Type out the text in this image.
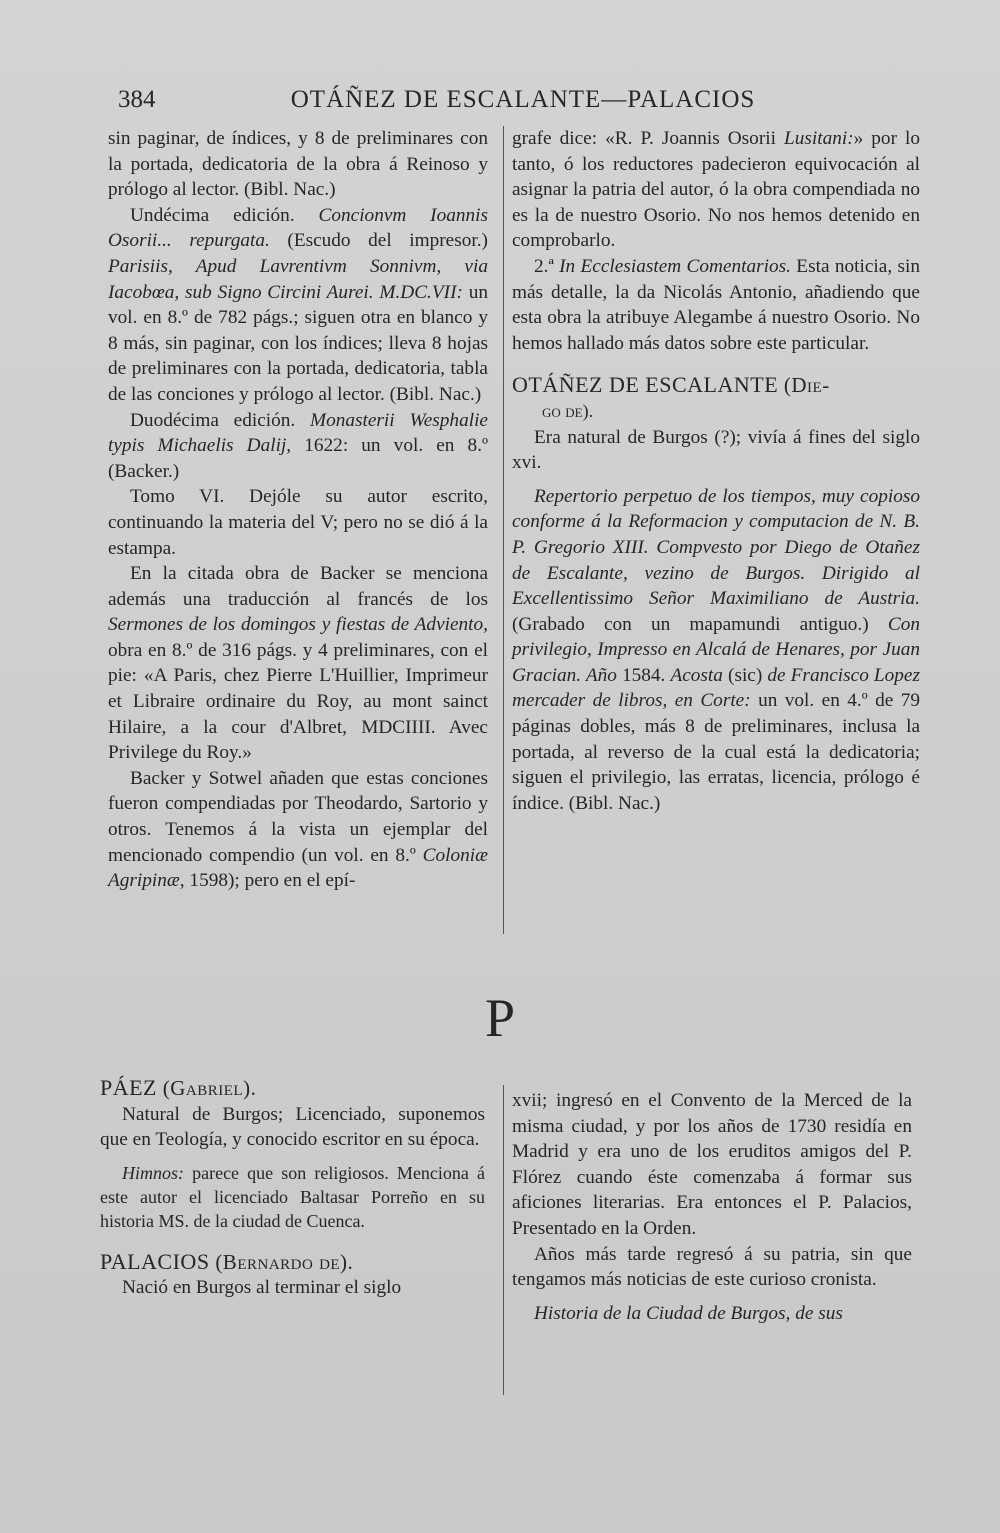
384	OTÁÑEZ DE ESCALANTE—PALACIOS

sin paginar, de índices, y 8 de preliminares con la portada, dedicatoria de la obra á Reinoso y prólogo al lector. (Bibl. Nac.)

Undécima edición. Concionvm Ioannis Osorii... repurgata. (Escudo del impresor.) Parisiis, Apud Lavrentivm Sonnivm, via Iacobœa, sub Signo Circini Aurei. M.DC.VII: un vol. en 8.º de 782 págs.; siguen otra en blanco y 8 más, sin paginar, con los índices; lleva 8 hojas de preliminares con la portada, dedicatoria, tabla de las conciones y prólogo al lector. (Bibl. Nac.)

Duodécima edición. Monasterii Wesphalie typis Michaelis Dalij, 1622: un vol. en 8.º (Backer.)

Tomo VI. Dejóle su autor escrito, continuando la materia del V; pero no se dió á la estampa.

En la citada obra de Backer se menciona además una traducción al francés de los Sermones de los domingos y fiestas de Adviento, obra en 8.º de 316 págs. y 4 preliminares, con el pie: «A Paris, chez Pierre L'Huillier, Imprimeur et Libraire ordinaire du Roy, au mont sainct Hilaire, a la cour d'Albret, MDCIIII. Avec Privilege du Roy.»

Backer y Sotwel añaden que estas conciones fueron compendiadas por Theodardo, Sartorio y otros. Tenemos á la vista un ejemplar del mencionado compendio (un vol. en 8.º Coloniæ Agripinæ, 1598); pero en el epí-

grafe dice: «R. P. Joannis Osorii Lusitani:» por lo tanto, ó los reductores padecieron equivocación al asignar la patria del autor, ó la obra compendiada no es la de nuestro Osorio. No nos hemos detenido en comprobarlo.

2.ª In Ecclesiastem Comentarios. Esta noticia, sin más detalle, la da Nicolás Antonio, añadiendo que esta obra la atribuye Alegambe á nuestro Osorio. No hemos hallado más datos sobre este particular.

OTÁÑEZ DE ESCALANTE (Die-

go de).

Era natural de Burgos (?); vivía á fines del siglo xvi.

Repertorio perpetuo de los tiempos, muy copioso conforme á la Reformacion y computacion de N. B. P. Gregorio XIII. Compvesto por Diego de Otañez de Escalante, vezino de Burgos. Dirigido al Excellentissimo Señor Maximiliano de Austria. (Grabado con un mapamundi antiguo.) Con privilegio, Impresso en Alcalá de Henares, por Juan Gracian. Año 1584. Acosta (sic) de Francisco Lopez mercader de libros, en Corte: un vol. en 4.º de 79 páginas dobles, más 8 de preliminares, inclusa la portada, al reverso de la cual está la dedicatoria; siguen el privilegio, las erratas, licencia, prólogo é índice. (Bibl. Nac.)

P

PÁEZ (Gabriel).

Natural de Burgos; Licenciado, suponemos que en Teología, y conocido escritor en su época.

Himnos: parece que son religiosos. Menciona á este autor el licenciado Baltasar Porreño en su historia MS. de la ciudad de Cuenca.

PALACIOS (Bernardo de).

Nació en Burgos al terminar el siglo

xvii; ingresó en el Convento de la Merced de la misma ciudad, y por los años de 1730 residía en Madrid y era uno de los eruditos amigos del P. Flórez cuando éste comenzaba á formar sus aficiones literarias. Era entonces el P. Palacios, Presentado en la Orden.

Años más tarde regresó á su patria, sin que tengamos más noticias de este curioso cronista.

Historia de la Ciudad de Burgos, de sus
